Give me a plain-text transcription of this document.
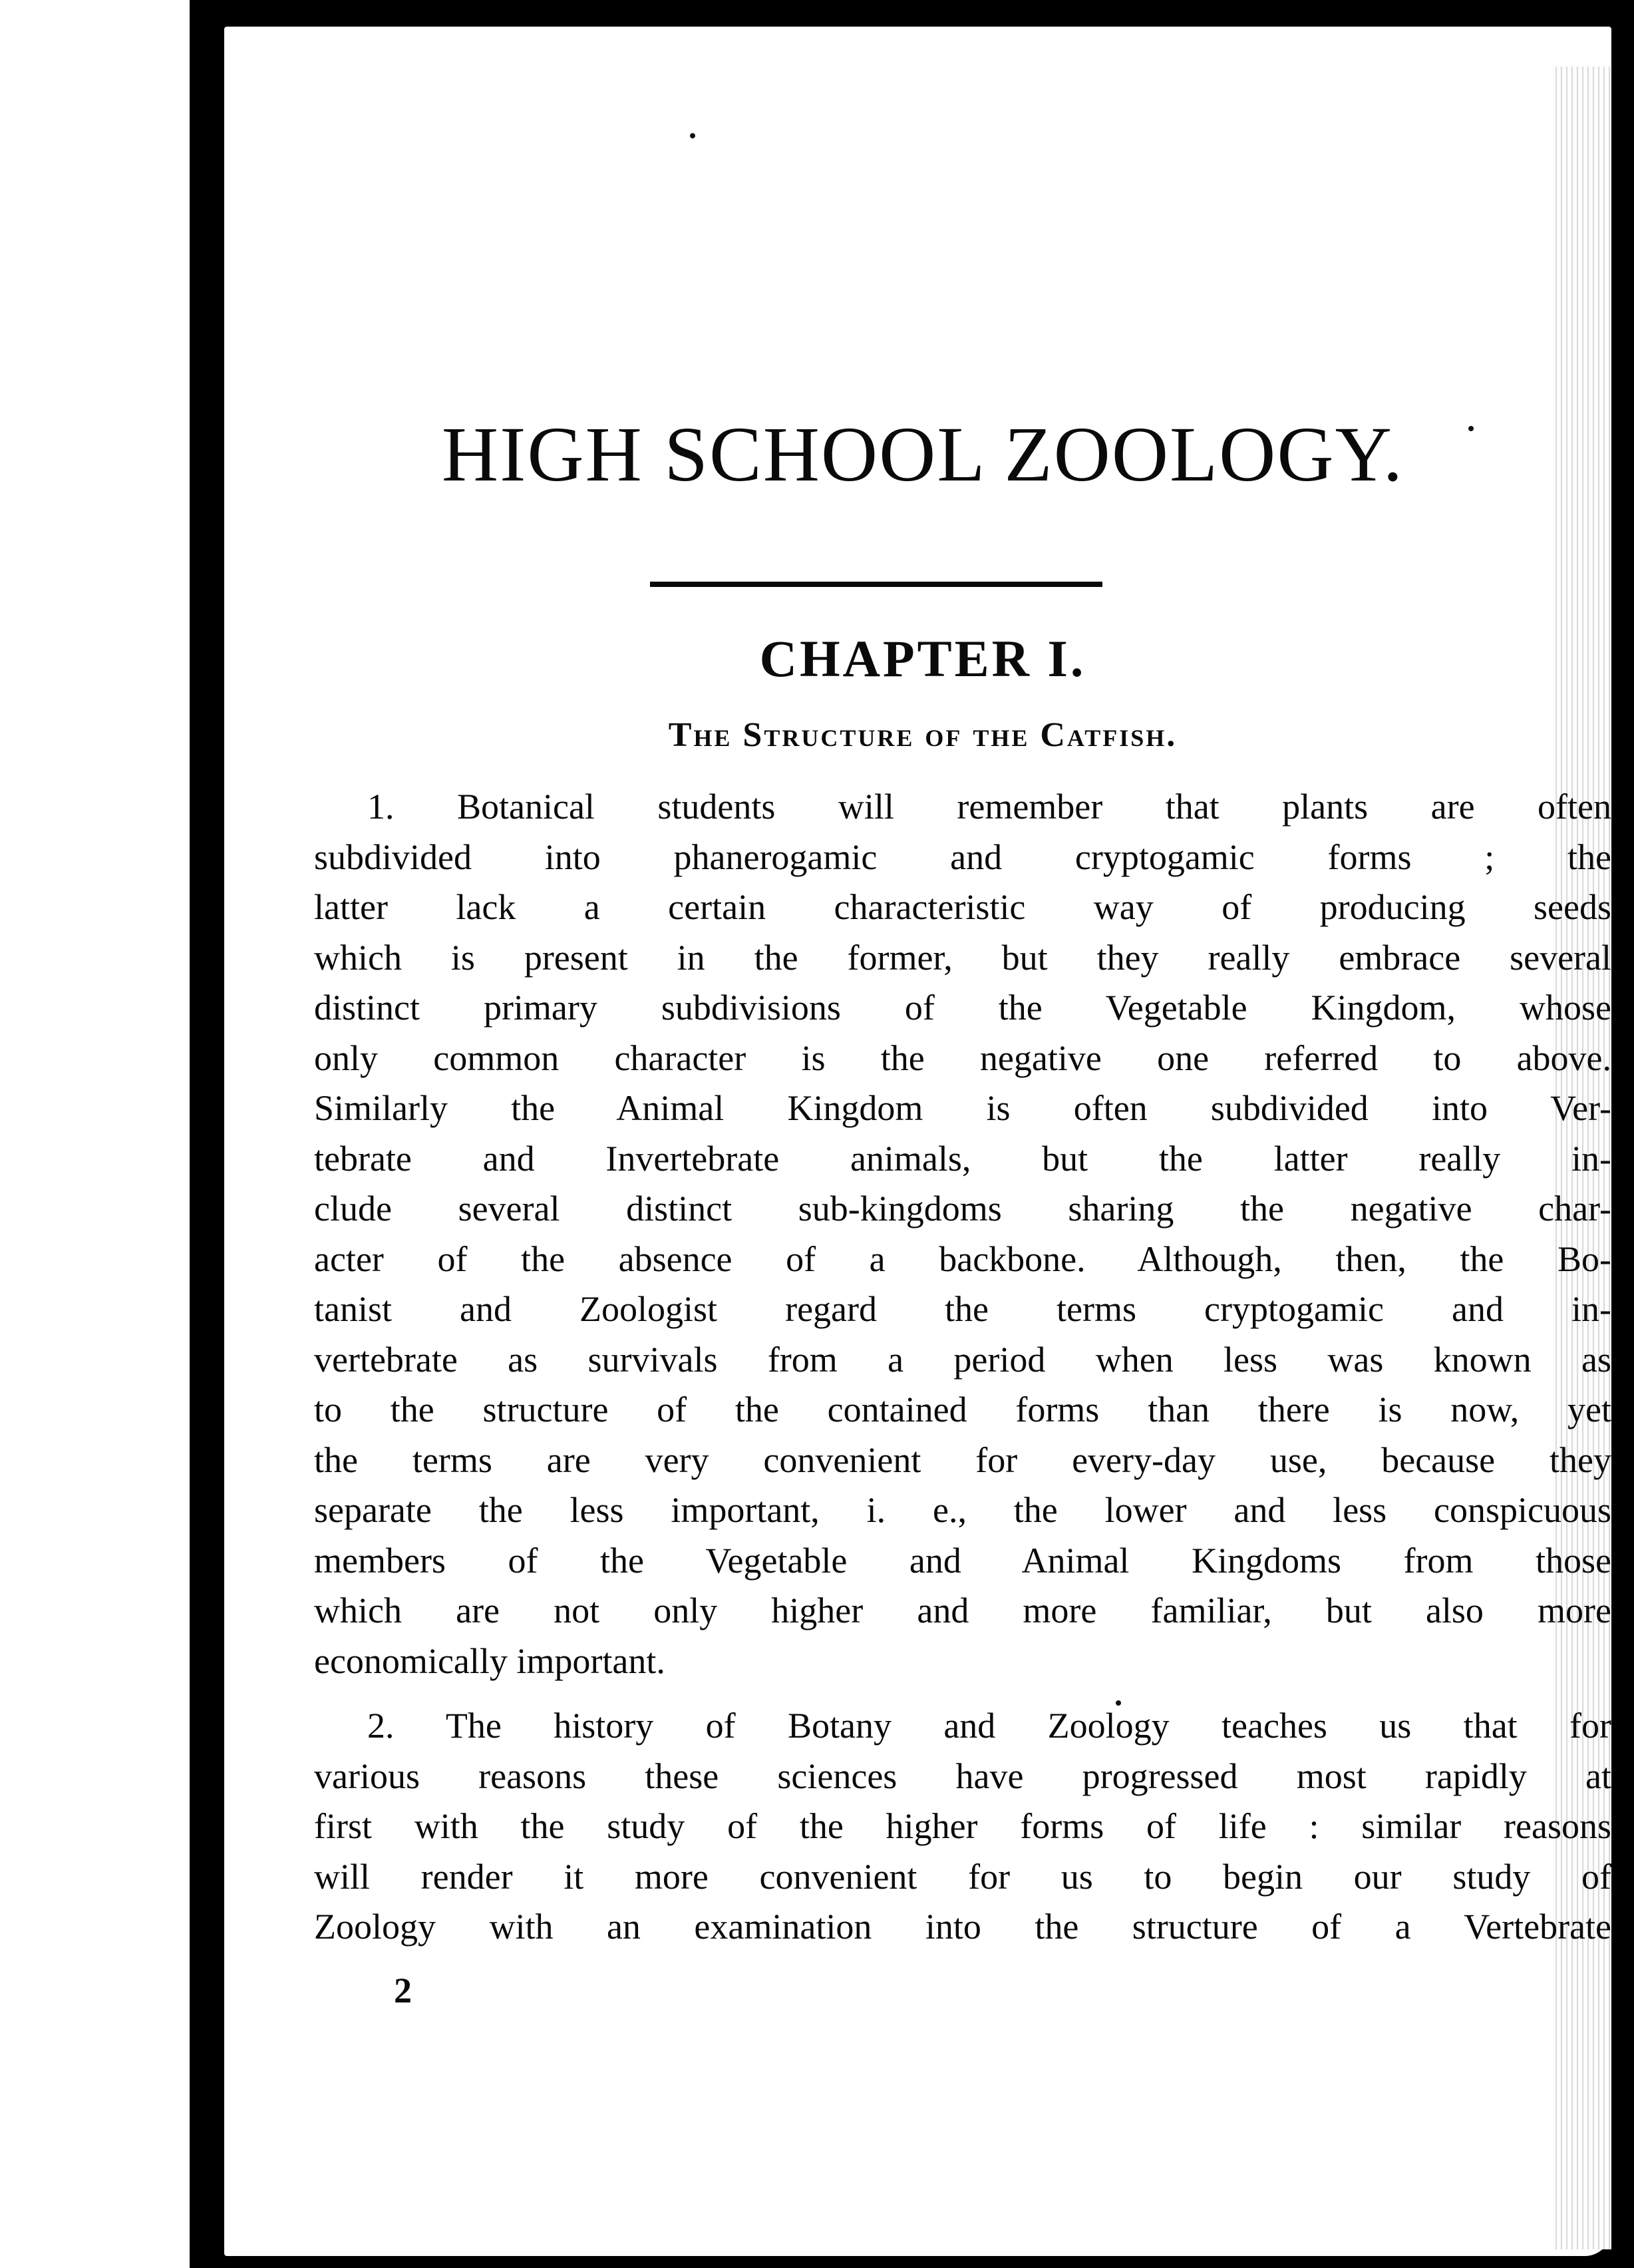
HIGH SCHOOL ZOOLOGY.
CHAPTER I.
The Structure of the Catfish.

1. Botanical students will remember that plants are often
subdivided into phanerogamic and cryptogamic forms ; the
latter lack a certain characteristic way of producing seeds
which is present in the former, but they really embrace several
distinct primary subdivisions of the Vegetable Kingdom, whose
only common character is the negative one referred to above.
Similarly the Animal Kingdom is often subdivided into Ver-
tebrate and Invertebrate animals, but the latter really in-
clude several distinct sub-kingdoms sharing the negative char-
acter of the absence of a backbone. Although, then, the Bo-
tanist and Zoologist regard the terms cryptogamic and in-
vertebrate as survivals from a period when less was known as
to the structure of the contained forms than there is now, yet
the terms are very convenient for every-day use, because they
separate the less important, i. e., the lower and less conspicuous
members of the Vegetable and Animal Kingdoms from those
which are not only higher and more familiar, but also more
economically important.

2. The history of Botany and Zoology teaches us that for
various reasons these sciences have progressed most rapidly at
first with the study of the higher forms of life : similar reasons
will render it more convenient for us to begin our study of
Zoology with an examination into the structure of a Vertebrate

2
